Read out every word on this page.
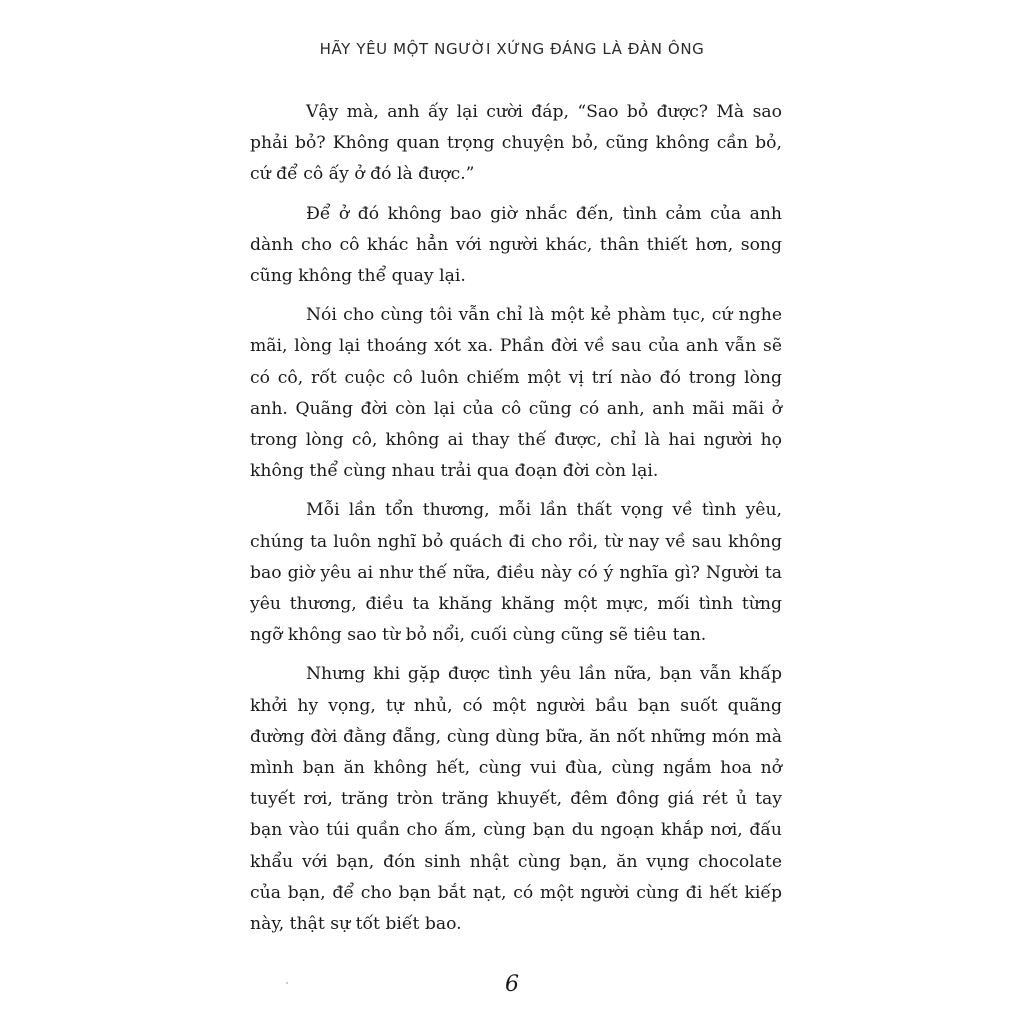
HÃY YÊU MỘT NGƯỜI XỨNG ĐÁNG LÀ ĐÀN ÔNG

Vậy mà, anh ấy lại cười đáp, “Sao bỏ được? Mà sao phải bỏ? Không quan trọng chuyện bỏ, cũng không cần bỏ, cứ để cô ấy ở đó là được.”

Để ở đó không bao giờ nhắc đến, tình cảm của anh dành cho cô khác hẳn với người khác, thân thiết hơn, song cũng không thể quay lại.

Nói cho cùng tôi vẫn chỉ là một kẻ phàm tục, cứ nghe mãi, lòng lại thoáng xót xa. Phần đời về sau của anh vẫn sẽ có cô, rốt cuộc cô luôn chiếm một vị trí nào đó trong lòng anh. Quãng đời còn lại của cô cũng có anh, anh mãi mãi ở trong lòng cô, không ai thay thế được, chỉ là hai người họ không thể cùng nhau trải qua đoạn đời còn lại.

Mỗi lần tổn thương, mỗi lần thất vọng về tình yêu, chúng ta luôn nghĩ bỏ quách đi cho rồi, từ nay về sau không bao giờ yêu ai như thế nữa, điều này có ý nghĩa gì? Người ta yêu thương, điều ta khăng khăng một mực, mối tình từng ngỡ không sao từ bỏ nổi, cuối cùng cũng sẽ tiêu tan.

Nhưng khi gặp được tình yêu lần nữa, bạn vẫn khấp khởi hy vọng, tự nhủ, có một người bầu bạn suốt quãng đường đời đằng đẵng, cùng dùng bữa, ăn nốt những món mà mình bạn ăn không hết, cùng vui đùa, cùng ngắm hoa nở tuyết rơi, trăng tròn trăng khuyết, đêm đông giá rét ủ tay bạn vào túi quần cho ấm, cùng bạn du ngoạn khắp nơi, đấu khẩu với bạn, đón sinh nhật cùng bạn, ăn vụng chocolate của bạn, để cho bạn bắt nạt, có một người cùng đi hết kiếp này, thật sự tốt biết bao.

6
